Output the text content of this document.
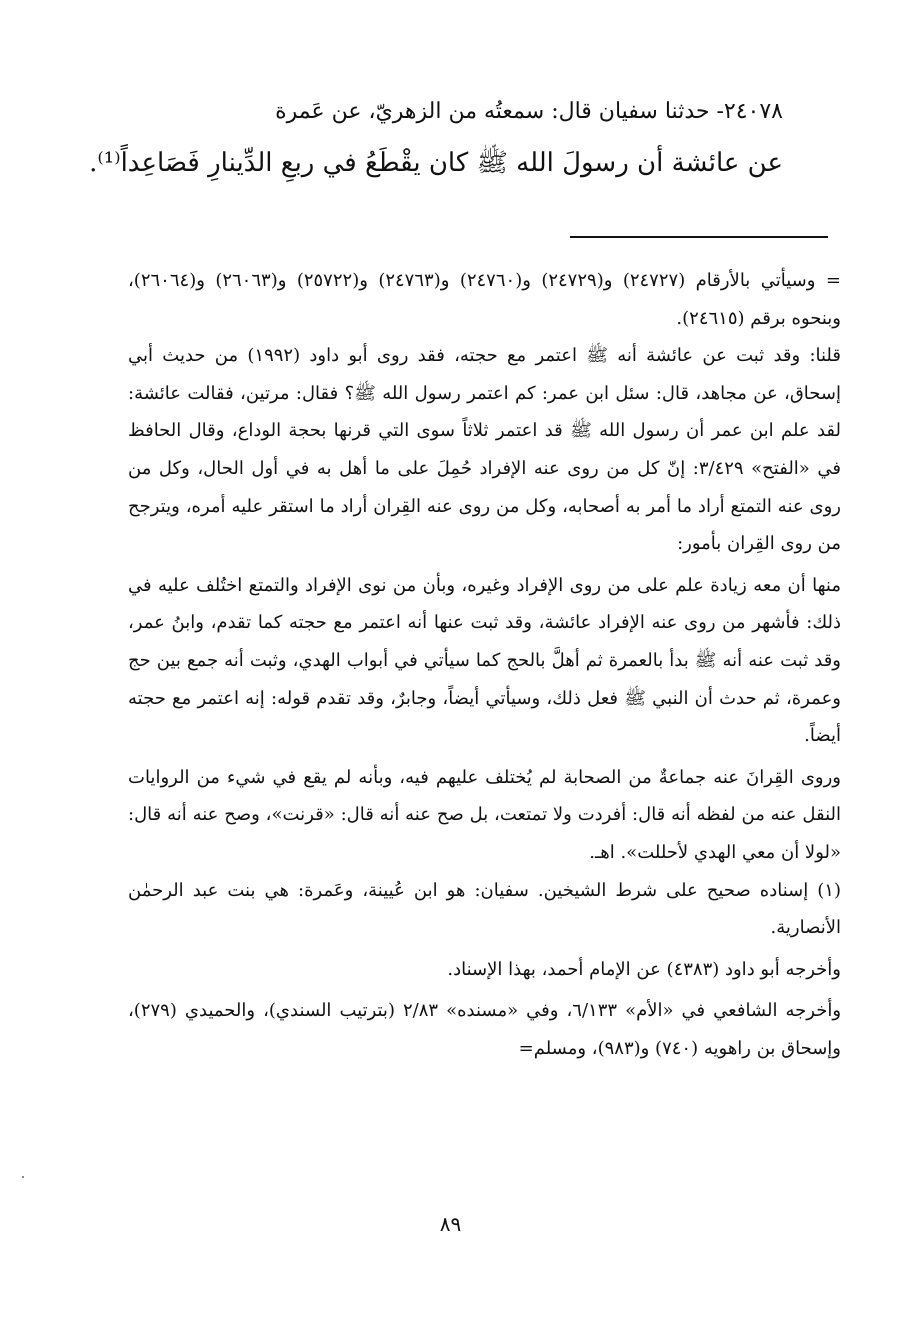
٢٤٠٧٨- حدثنا سفيان قال: سمعتُه من الزهريّ، عن عَمرة

عن عائشة أن رسولَ الله ﷺ كان يقْطَعُ في ربعِ الدِّينارِ فَصَاعِداً⁽¹⁾.

= وسيأتي بالأرقام (٢٤٧٢٧) و(٢٤٧٢٩) و(٢٤٧٦٠) و(٢٤٧٦٣) و(٢٥٧٢٢) و(٢٦٠٦٣) و(٢٦٠٦٤)، وبنحوه برقم (٢٤٦١٥).

قلنا: وقد ثبت عن عائشة أنه ﷺ اعتمر مع حجته، فقد روى أبو داود (١٩٩٢) من حديث أبي إسحاق، عن مجاهد، قال: سئل ابن عمر: كم اعتمر رسول الله ﷺ؟ فقال: مرتين، فقالت عائشة: لقد علم ابن عمر أن رسول الله ﷺ قد اعتمر ثلاثاً سوى التي قرنها بحجة الوداع، وقال الحافظ في «الفتح» ٣/٤٢٩: إنّ كل من روى عنه الإفراد حُمِلَ على ما أهل به في أول الحال، وكل من روى عنه التمتع أراد ما أمر به أصحابه، وكل من روى عنه القِران أراد ما استقر عليه أمره، ويترجح من روى القِران بأمور:

منها أن معه زيادة علم على من روى الإفراد وغيره، وبأن من نوى الإفراد والتمتع اختُلف عليه في ذلك: فأشهر من روى عنه الإفراد عائشة، وقد ثبت عنها أنه اعتمر مع حجته كما تقدم، وابنُ عمر، وقد ثبت عنه أنه ﷺ بدأ بالعمرة ثم أهلَّ بالحج كما سيأتي في أبواب الهدي، وثبت أنه جمع بين حج وعمرة، ثم حدث أن النبي ﷺ فعل ذلك، وسيأتي أيضاً، وجابرٌ، وقد تقدم قوله: إنه اعتمر مع حجته أيضاً.

وروى القِرانَ عنه جماعةٌ من الصحابة لم يُختلف عليهم فيه، وبأنه لم يقع في شيء من الروايات النقل عنه من لفظه أنه قال: أفردت ولا تمتعت، بل صح عنه أنه قال: «قرنت»، وصح عنه أنه قال: «لولا أن معي الهدي لأحللت». اهـ.

(١) إسناده صحيح على شرط الشيخين. سفيان: هو ابن عُيينة، وعَمرة: هي بنت عبد الرحمٰن الأنصارية.

وأخرجه أبو داود (٤٣٨٣) عن الإمام أحمد، بهذا الإسناد.

وأخرجه الشافعي في «الأم» ٦/١٣٣، وفي «مسنده» ٢/٨٣ (بترتيب السندي)، والحميدي (٢٧٩)، وإسحاق بن راهويه (٧٤٠) و(٩٨٣)، ومسلم=

٨٩
